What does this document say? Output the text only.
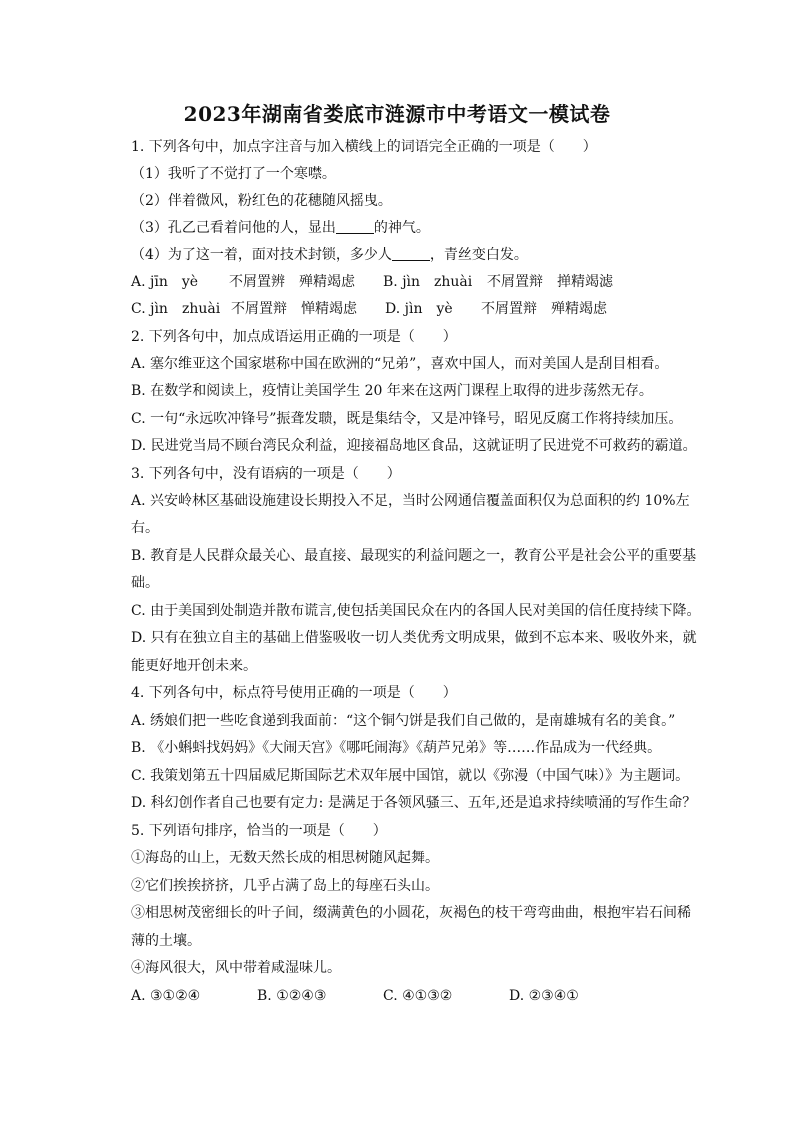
2023年湖南省娄底市涟源市中考语文一模试卷
1. 下列各句中，加点字注音与加入横线上的词语完全正确的一项是（　　）
（1）我听了不觉打了一个寒噤。
（2）伴着微风，粉红色的花穗随风摇曳。
（3）孔乙己看着问他的人，显出	的神气。
（4）为了这一着，面对技术封锁，多少人	，青丝变白发。
A. jīn　yè 不屑置辨　殚精竭虑 B. jìn　zhuài 不屑置辩　掸精竭滤
C. jìn　zhuài 不屑置辩　惮精竭虑 D. jìn　yè 不屑置辩　殚精竭虑
2. 下列各句中，加点成语运用正确的一项是（　　）
A. 塞尔维亚这个国家堪称中国在欧洲的“兄弟”，喜欢中国人，而对美国人是刮目相看。
B. 在数学和阅读上，疫情让美国学生 20 年来在这两门课程上取得的进步荡然无存。
C. 一句“永远吹冲锋号”振聋发聩，既是集结令，又是冲锋号，昭见反腐工作将持续加压。
D. 民进党当局不顾台湾民众利益，迎接福岛地区食品，这就证明了民进党不可救药的霸道。
3. 下列各句中，没有语病的一项是（　　）
A. 兴安岭林区基础设施建设长期投入不足，当时公网通信覆盖面积仅为总面积的约 10%左
右。
B. 教育是人民群众最关心、最直接、最现实的利益问题之一，教育公平是社会公平的重要基
础。
C. 由于美国到处制造并散布谎言,使包括美国民众在内的各国人民对美国的信任度持续下降。
D. 只有在独立自主的基础上借鉴吸收一切人类优秀文明成果，做到不忘本来、吸收外来，就
能更好地开创未来。
4. 下列各句中，标点符号使用正确的一项是（　　）
A. 绣娘们把一些吃食递到我面前：“这个铜勺饼是我们自己做的，是南雄城有名的美食。”
B. 《小蝌蚪找妈妈》《大闹天宫》《哪吒闹海》《葫芦兄弟》等……作品成为一代经典。
C. 我策划第五十四届威尼斯国际艺术双年展中国馆，就以《弥漫（中国气味）》为主题词。
D. 科幻创作者自己也要有定力: 是满足于各领风骚三、五年,还是追求持续喷涌的写作生命？
5. 下列语句排序，恰当的一项是（　　）
①海岛的山上，无数天然长成的相思树随风起舞。
②它们挨挨挤挤，几乎占满了岛上的每座石头山。
③相思树茂密细长的叶子间，缀满黄色的小圆花，灰褐色的枝干弯弯曲曲，根抱牢岩石间稀
薄的土壤。
④海风很大，风中带着咸湿味儿。
A. ③①②④	B. ①②④③	C. ④①③②	D. ②③④①
